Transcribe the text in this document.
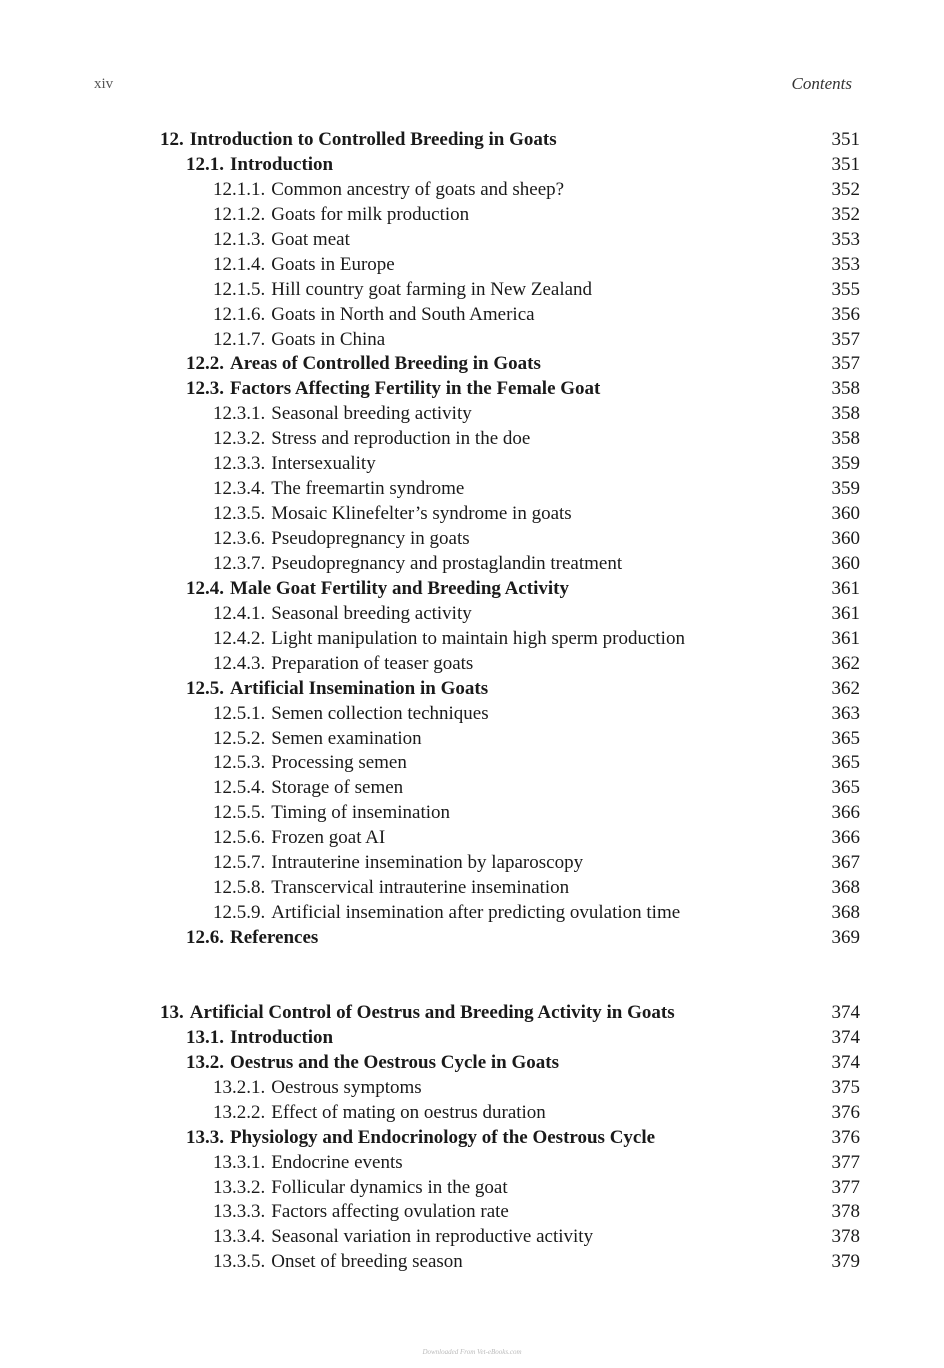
xiv	Contents
12. Introduction to Controlled Breeding in Goats	351
12.1. Introduction	351
12.1.1. Common ancestry of goats and sheep?	352
12.1.2. Goats for milk production	352
12.1.3. Goat meat	353
12.1.4. Goats in Europe	353
12.1.5. Hill country goat farming in New Zealand	355
12.1.6. Goats in North and South America	356
12.1.7. Goats in China	357
12.2. Areas of Controlled Breeding in Goats	357
12.3. Factors Affecting Fertility in the Female Goat	358
12.3.1. Seasonal breeding activity	358
12.3.2. Stress and reproduction in the doe	358
12.3.3. Intersexuality	359
12.3.4. The freemartin syndrome	359
12.3.5. Mosaic Klinefelter’s syndrome in goats	360
12.3.6. Pseudopregnancy in goats	360
12.3.7. Pseudopregnancy and prostaglandin treatment	360
12.4. Male Goat Fertility and Breeding Activity	361
12.4.1. Seasonal breeding activity	361
12.4.2. Light manipulation to maintain high sperm production	361
12.4.3. Preparation of teaser goats	362
12.5. Artificial Insemination in Goats	362
12.5.1. Semen collection techniques	363
12.5.2. Semen examination	365
12.5.3. Processing semen	365
12.5.4. Storage of semen	365
12.5.5. Timing of insemination	366
12.5.6. Frozen goat AI	366
12.5.7. Intrauterine insemination by laparoscopy	367
12.5.8. Transcervical intrauterine insemination	368
12.5.9. Artificial insemination after predicting ovulation time	368
12.6. References	369
13. Artificial Control of Oestrus and Breeding Activity in Goats	374
13.1. Introduction	374
13.2. Oestrus and the Oestrous Cycle in Goats	374
13.2.1. Oestrous symptoms	375
13.2.2. Effect of mating on oestrus duration	376
13.3. Physiology and Endocrinology of the Oestrous Cycle	376
13.3.1. Endocrine events	377
13.3.2. Follicular dynamics in the goat	377
13.3.3. Factors affecting ovulation rate	378
13.3.4. Seasonal variation in reproductive activity	378
13.3.5. Onset of breeding season	379
Downloaded From Vet-eBooks.com
